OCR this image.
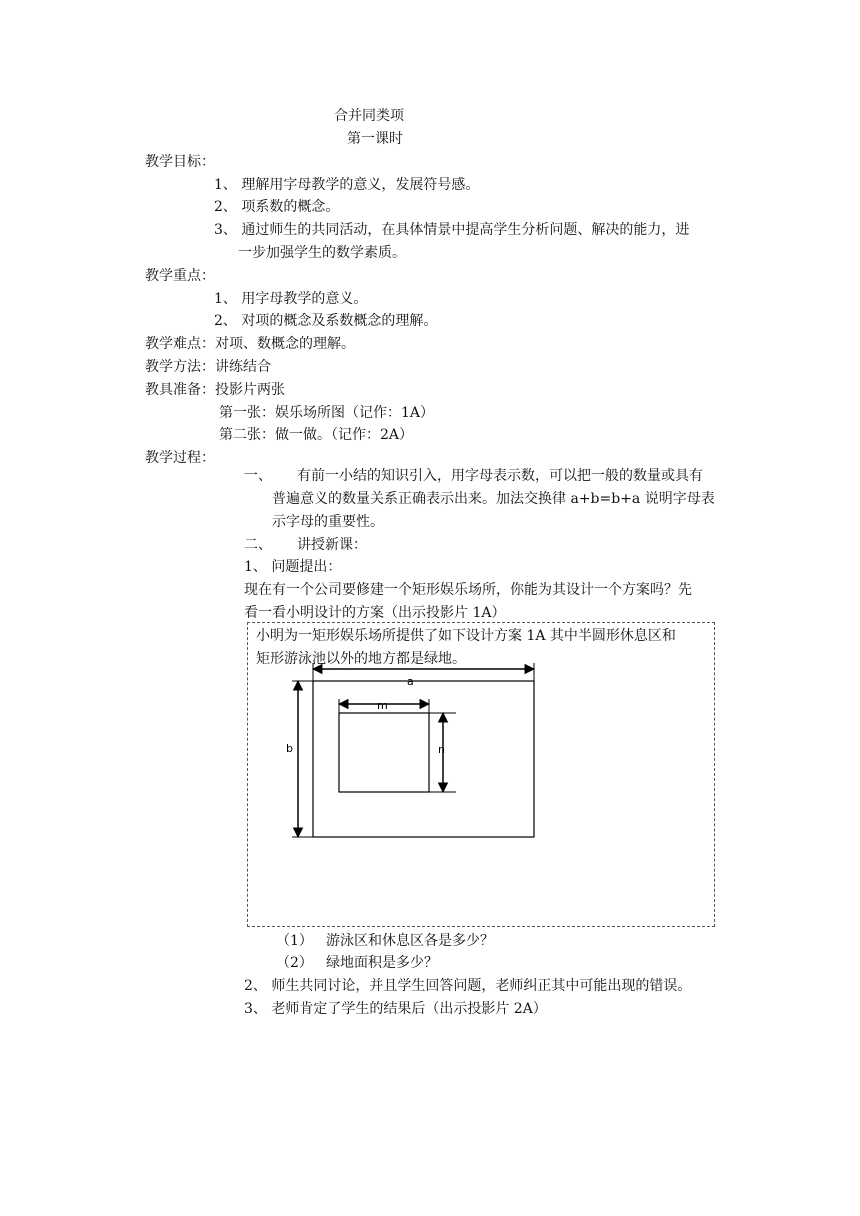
合并同类项
第一课时
教学目标：
1、 理解用字母教学的意义，发展符号感。
2、 项系数的概念。
3、 通过师生的共同活动，在具体情景中提高学生分析问题、解决的能力，进
一步加强学生的数学素质。
教学重点：
1、 用字母教学的意义。
2、 对项的概念及系数概念的理解。
教学难点：对项、数概念的理解。
教学方法：讲练结合
教具准备：投影片两张
第一张：娱乐场所图（记作：1A）
第二张：做一做。（记作：2A）
教学过程：
一、 有前一小结的知识引入，用字母表示数，可以把一般的数量或具有
普遍意义的数量关系正确表示出来。加法交换律 a+b=b+a 说明字母表
示字母的重要性。
二、 讲授新课：
1、 问题提出：
现在有一个公司要修建一个矩形娱乐场所，你能为其设计一个方案吗？先
看一看小明设计的方案（出示投影片 1A）
小明为一矩形娱乐场所提供了如下设计方案 1A 其中半圆形休息区和
矩形游泳池以外的地方都是绿地。
a
b
m
n
（1） 游泳区和休息区各是多少？
（2） 绿地面积是多少？
2、 师生共同讨论，并且学生回答问题，老师纠正其中可能出现的错误。
3、 老师肯定了学生的结果后（出示投影片 2A）
